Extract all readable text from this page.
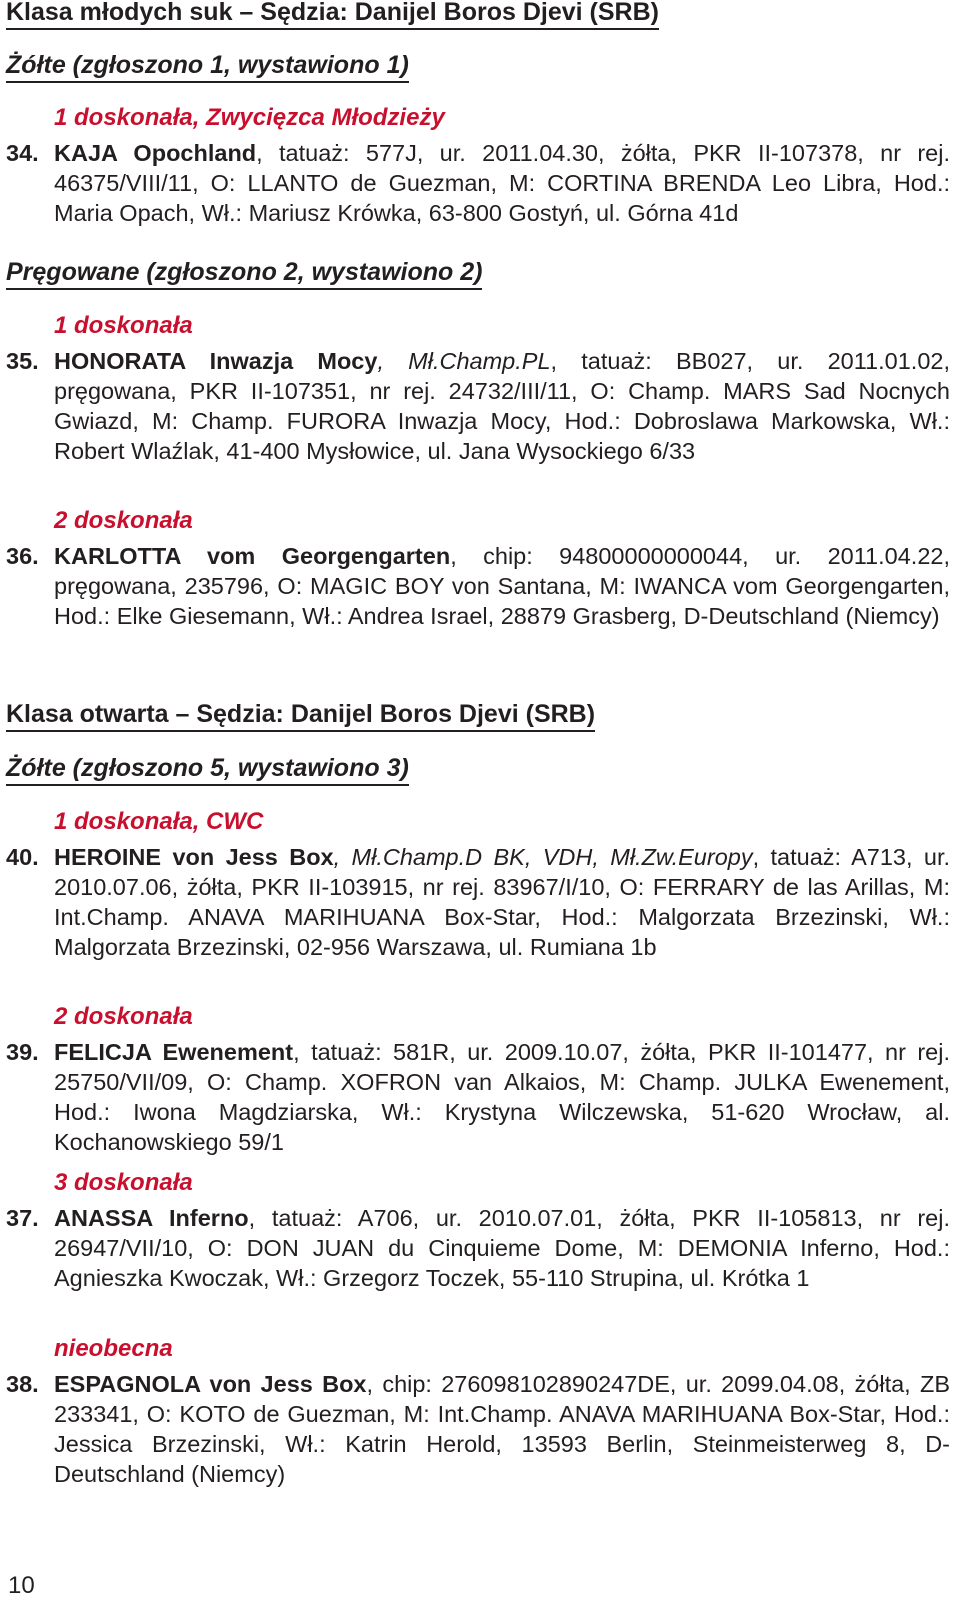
Klasa młodych suk – Sędzia: Danijel Boros Djevi (SRB)
Żółte (zgłoszono 1, wystawiono 1)
1 doskonała, Zwycięzca Młodzieży
34. KAJA Opochland, tatuaż: 577J, ur. 2011.04.30, żółta, PKR II-107378, nr rej. 46375/VIII/11, O: LLANTO de Guezman, M: CORTINA BRENDA Leo Libra, Hod.: Maria Opach, Wł.: Mariusz Krówka, 63-800 Gostyń, ul. Górna 41d
Pręgowane (zgłoszono 2, wystawiono 2)
1 doskonała
35. HONORATA Inwazja Mocy, Mł.Champ.PL, tatuaż: BB027, ur. 2011.01.02, pręgowana, PKR II-107351, nr rej. 24732/III/11, O: Champ. MARS Sad Nocnych Gwiazd, M: Champ. FURORA Inwazja Mocy, Hod.: Dobroslawa Markowska, Wł.: Robert Wlaźlak, 41-400 Mysłowice, ul. Jana Wysockiego 6/33
2 doskonała
36. KARLOTTA vom Georgengarten, chip: 94800000000044, ur. 2011.04.22, pręgowana, 235796, O: MAGIC BOY von Santana, M: IWANCA vom Georgengarten, Hod.: Elke Giesemann, Wł.: Andrea Israel, 28879 Grasberg, D-Deutschland (Niemcy)
Klasa otwarta – Sędzia: Danijel Boros Djevi (SRB)
Żółte (zgłoszono 5, wystawiono 3)
1 doskonała, CWC
40. HEROINE von Jess Box, Mł.Champ.D BK, VDH, Mł.Zw.Europy, tatuaż: A713, ur. 2010.07.06, żółta, PKR II-103915, nr rej. 83967/I/10, O: FERRARY de las Arillas, M: Int.Champ. ANAVA MARIHUANA Box-Star, Hod.: Malgorzata Brzezinski, Wł.: Malgorzata Brzezinski, 02-956 Warszawa, ul. Rumiana 1b
2 doskonała
39. FELICJA Ewenement, tatuaż: 581R, ur. 2009.10.07, żółta, PKR II-101477, nr rej. 25750/VII/09, O: Champ. XOFRON van Alkaios, M: Champ. JULKA Ewenement, Hod.: Iwona Magdziarska, Wł.: Krystyna Wilczewska, 51-620 Wrocław, al. Kochanowskiego 59/1
3 doskonała
37. ANASSA Inferno, tatuaż: A706, ur. 2010.07.01, żółta, PKR II-105813, nr rej. 26947/VII/10, O: DON JUAN du Cinquieme Dome, M: DEMONIA Inferno, Hod.: Agnieszka Kwoczak, Wł.: Grzegorz Toczek, 55-110 Strupina, ul. Krótka 1
nieobecna
38. ESPAGNOLA von Jess Box, chip: 276098102890247DE, ur. 2099.04.08, żółta, ZB 233341, O: KOTO de Guezman, M: Int.Champ. ANAVA MARIHUANA Box-Star, Hod.: Jessica Brzezinski, Wł.: Katrin Herold, 13593 Berlin, Steinmeisterweg 8, D-Deutschland (Niemcy)
10
